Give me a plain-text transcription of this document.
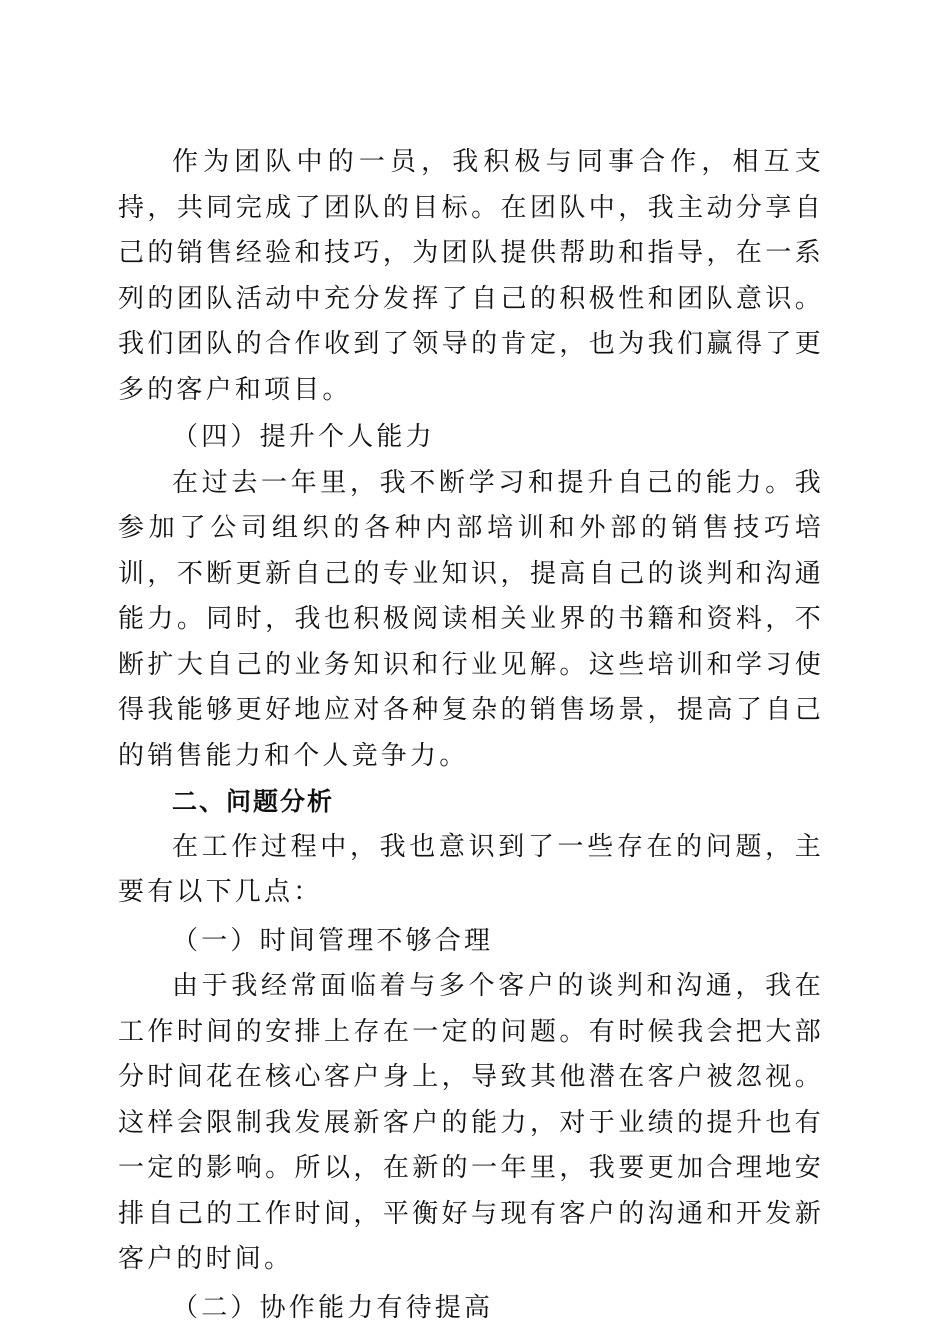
作为团队中的一员，我积极与同事合作，相互支持，共同完成了团队的目标。在团队中，我主动分享自己的销售经验和技巧，为团队提供帮助和指导，在一系列的团队活动中充分发挥了自己的积极性和团队意识。我们团队的合作收到了领导的肯定，也为我们赢得了更多的客户和项目。

（四）提升个人能力

在过去一年里，我不断学习和提升自己的能力。我参加了公司组织的各种内部培训和外部的销售技巧培训，不断更新自己的专业知识，提高自己的谈判和沟通能力。同时，我也积极阅读相关业界的书籍和资料，不断扩大自己的业务知识和行业见解。这些培训和学习使得我能够更好地应对各种复杂的销售场景，提高了自己的销售能力和个人竞争力。

二、问题分析

在工作过程中，我也意识到了一些存在的问题，主要有以下几点：

（一）时间管理不够合理

由于我经常面临着与多个客户的谈判和沟通，我在工作时间的安排上存在一定的问题。有时候我会把大部分时间花在核心客户身上，导致其他潜在客户被忽视。这样会限制我发展新客户的能力，对于业绩的提升也有一定的影响。所以，在新的一年里，我要更加合理地安排自己的工作时间，平衡好与现有客户的沟通和开发新客户的时间。

（二）协作能力有待提高
